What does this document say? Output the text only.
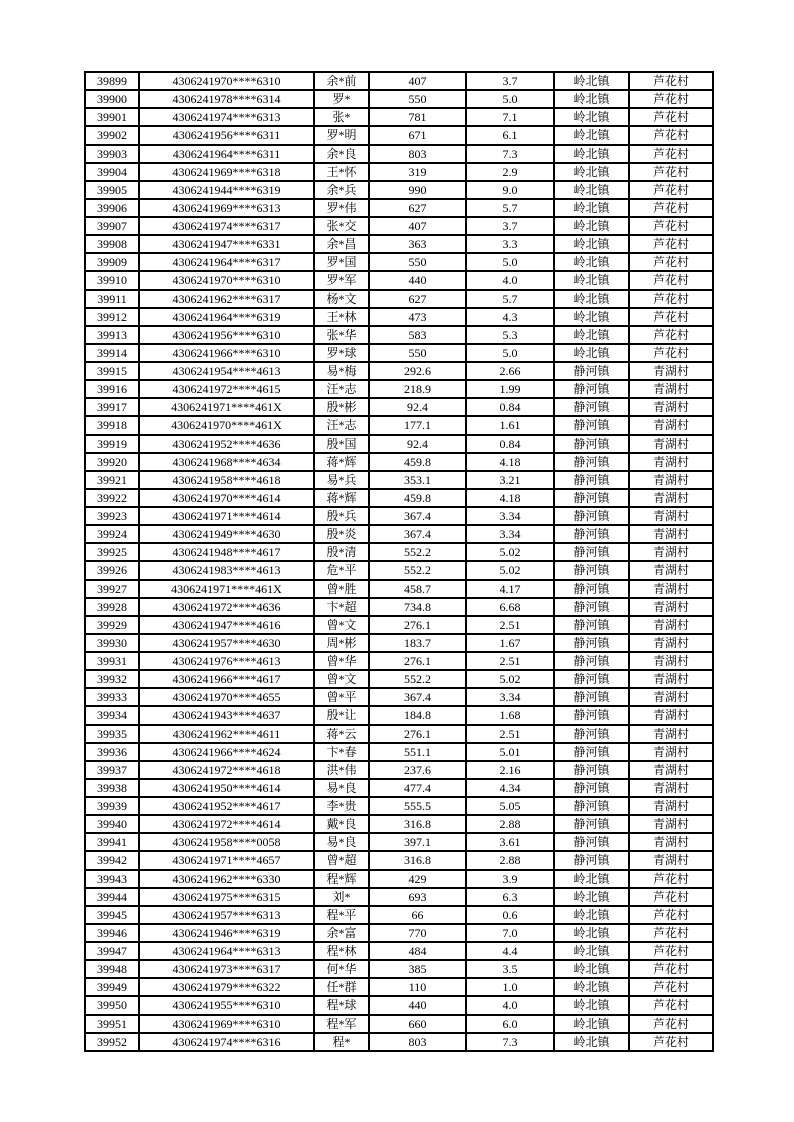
39899	4306241970****6310	余*前	407	3.7	岭北镇	芦花村
39900	4306241978****6314	罗*	550	5.0	岭北镇	芦花村
39901	4306241974****6313	张*	781	7.1	岭北镇	芦花村
39902	4306241956****6311	罗*明	671	6.1	岭北镇	芦花村
39903	4306241964****6311	余*良	803	7.3	岭北镇	芦花村
39904	4306241969****6318	王*怀	319	2.9	岭北镇	芦花村
39905	4306241944****6319	余*兵	990	9.0	岭北镇	芦花村
39906	4306241969****6313	罗*伟	627	5.7	岭北镇	芦花村
39907	4306241974****6317	张*交	407	3.7	岭北镇	芦花村
39908	4306241947****6331	余*昌	363	3.3	岭北镇	芦花村
39909	4306241964****6317	罗*国	550	5.0	岭北镇	芦花村
39910	4306241970****6310	罗*军	440	4.0	岭北镇	芦花村
39911	4306241962****6317	杨*文	627	5.7	岭北镇	芦花村
39912	4306241964****6319	王*林	473	4.3	岭北镇	芦花村
39913	4306241956****6310	张*华	583	5.3	岭北镇	芦花村
39914	4306241966****6310	罗*球	550	5.0	岭北镇	芦花村
39915	4306241954****4613	易*梅	292.6	2.66	静河镇	青湖村
39916	4306241972****4615	汪*志	218.9	1.99	静河镇	青湖村
39917	4306241971****461X	殷*彬	92.4	0.84	静河镇	青湖村
39918	4306241970****461X	汪*志	177.1	1.61	静河镇	青湖村
39919	4306241952****4636	殷*国	92.4	0.84	静河镇	青湖村
39920	4306241968****4634	蒋*辉	459.8	4.18	静河镇	青湖村
39921	4306241958****4618	易*兵	353.1	3.21	静河镇	青湖村
39922	4306241970****4614	蒋*辉	459.8	4.18	静河镇	青湖村
39923	4306241971****4614	殷*兵	367.4	3.34	静河镇	青湖村
39924	4306241949****4630	殷*炎	367.4	3.34	静河镇	青湖村
39925	4306241948****4617	殷*清	552.2	5.02	静河镇	青湖村
39926	4306241983****4613	危*平	552.2	5.02	静河镇	青湖村
39927	4306241971****461X	曾*胜	458.7	4.17	静河镇	青湖村
39928	4306241972****4636	卞*超	734.8	6.68	静河镇	青湖村
39929	4306241947****4616	曾*文	276.1	2.51	静河镇	青湖村
39930	4306241957****4630	周*彬	183.7	1.67	静河镇	青湖村
39931	4306241976****4613	曾*华	276.1	2.51	静河镇	青湖村
39932	4306241966****4617	曾*文	552.2	5.02	静河镇	青湖村
39933	4306241970****4655	曾*平	367.4	3.34	静河镇	青湖村
39934	4306241943****4637	殷*让	184.8	1.68	静河镇	青湖村
39935	4306241962****4611	蒋*云	276.1	2.51	静河镇	青湖村
39936	4306241966****4624	卞*春	551.1	5.01	静河镇	青湖村
39937	4306241972****4618	洪*伟	237.6	2.16	静河镇	青湖村
39938	4306241950****4614	易*良	477.4	4.34	静河镇	青湖村
39939	4306241952****4617	李*贵	555.5	5.05	静河镇	青湖村
39940	4306241972****4614	戴*良	316.8	2.88	静河镇	青湖村
39941	4306241958****0058	易*良	397.1	3.61	静河镇	青湖村
39942	4306241971****4657	曾*超	316.8	2.88	静河镇	青湖村
39943	4306241962****6330	程*辉	429	3.9	岭北镇	芦花村
39944	4306241975****6315	刘*	693	6.3	岭北镇	芦花村
39945	4306241957****6313	程*平	66	0.6	岭北镇	芦花村
39946	4306241946****6319	余*富	770	7.0	岭北镇	芦花村
39947	4306241964****6313	程*林	484	4.4	岭北镇	芦花村
39948	4306241973****6317	何*华	385	3.5	岭北镇	芦花村
39949	4306241979****6322	任*群	110	1.0	岭北镇	芦花村
39950	4306241955****6310	程*球	440	4.0	岭北镇	芦花村
39951	4306241969****6310	程*军	660	6.0	岭北镇	芦花村
39952	4306241974****6316	程*	803	7.3	岭北镇	芦花村
